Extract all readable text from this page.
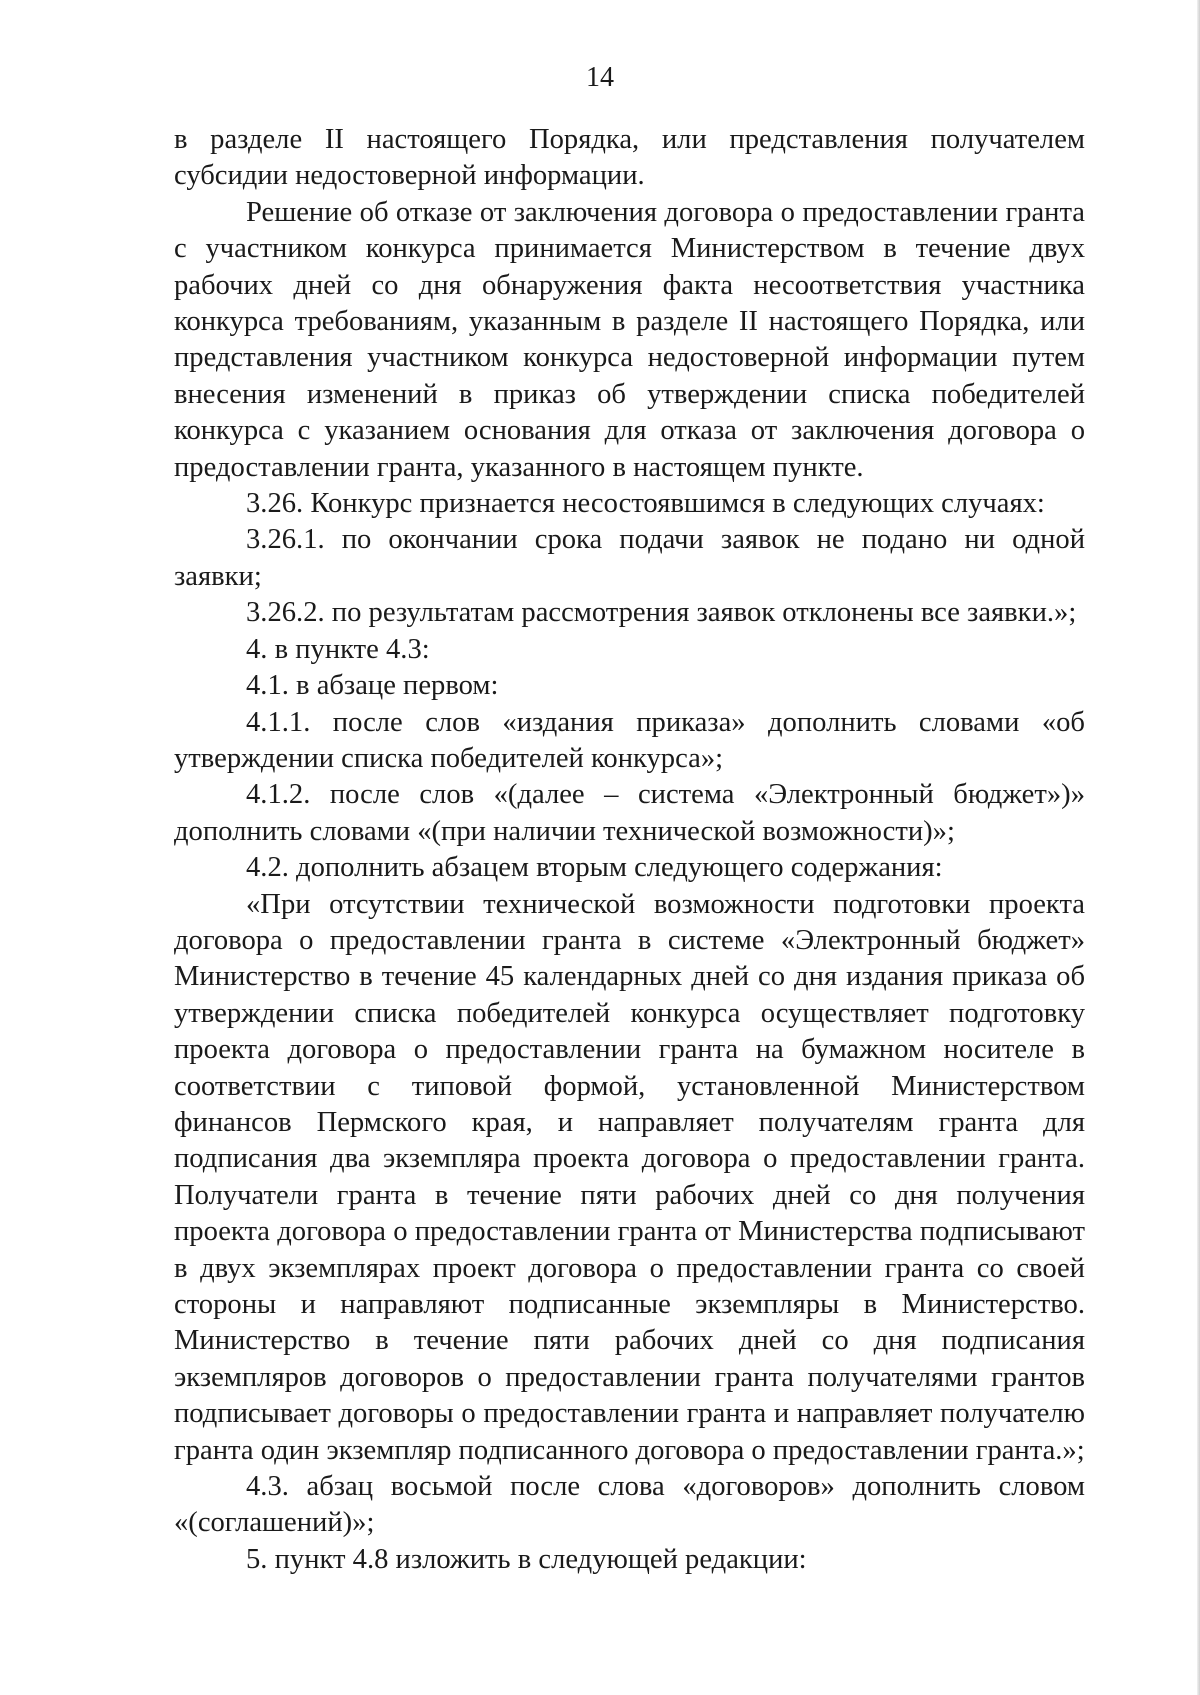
14

в разделе II настоящего Порядка, или представления получателем субсидии недостоверной информации.

Решение об отказе от заключения договора о предоставлении гранта с участником конкурса принимается Министерством в течение двух рабочих дней со дня обнаружения факта несоответствия участника конкурса требованиям, указанным в разделе II настоящего Порядка, или представления участником конкурса недостоверной информации путем внесения изменений в приказ об утверждении списка победителей конкурса с указанием основания для отказа от заключения договора о предоставлении гранта, указанного в настоящем пункте.

3.26. Конкурс признается несостоявшимся в следующих случаях:

3.26.1. по окончании срока подачи заявок не подано ни одной заявки;

3.26.2. по результатам рассмотрения заявок отклонены все заявки.»;

4. в пункте 4.3:

4.1. в абзаце первом:

4.1.1. после слов «издания приказа» дополнить словами «об утверждении списка победителей конкурса»;

4.1.2. после слов «(далее – система «Электронный бюджет»)» дополнить словами «(при наличии технической возможности)»;

4.2. дополнить абзацем вторым следующего содержания:

«При отсутствии технической возможности подготовки проекта договора о предоставлении гранта в системе «Электронный бюджет» Министерство в течение 45 календарных дней со дня издания приказа об утверждении списка победителей конкурса осуществляет подготовку проекта договора о предоставлении гранта на бумажном носителе в соответствии с типовой формой, установленной Министерством финансов Пермского края, и направляет получателям гранта для подписания два экземпляра проекта договора о предоставлении гранта. Получатели гранта в течение пяти рабочих дней со дня получения проекта договора о предоставлении гранта от Министерства подписывают в двух экземплярах проект договора о предоставлении гранта со своей стороны и направляют подписанные экземпляры в Министерство. Министерство в течение пяти рабочих дней со дня подписания экземпляров договоров о предоставлении гранта получателями грантов подписывает договоры о предоставлении гранта и направляет получателю гранта один экземпляр подписанного договора о предоставлении гранта.»;

4.3. абзац восьмой после слова «договоров» дополнить словом «(соглашений)»;

5. пункт 4.8 изложить в следующей редакции:
